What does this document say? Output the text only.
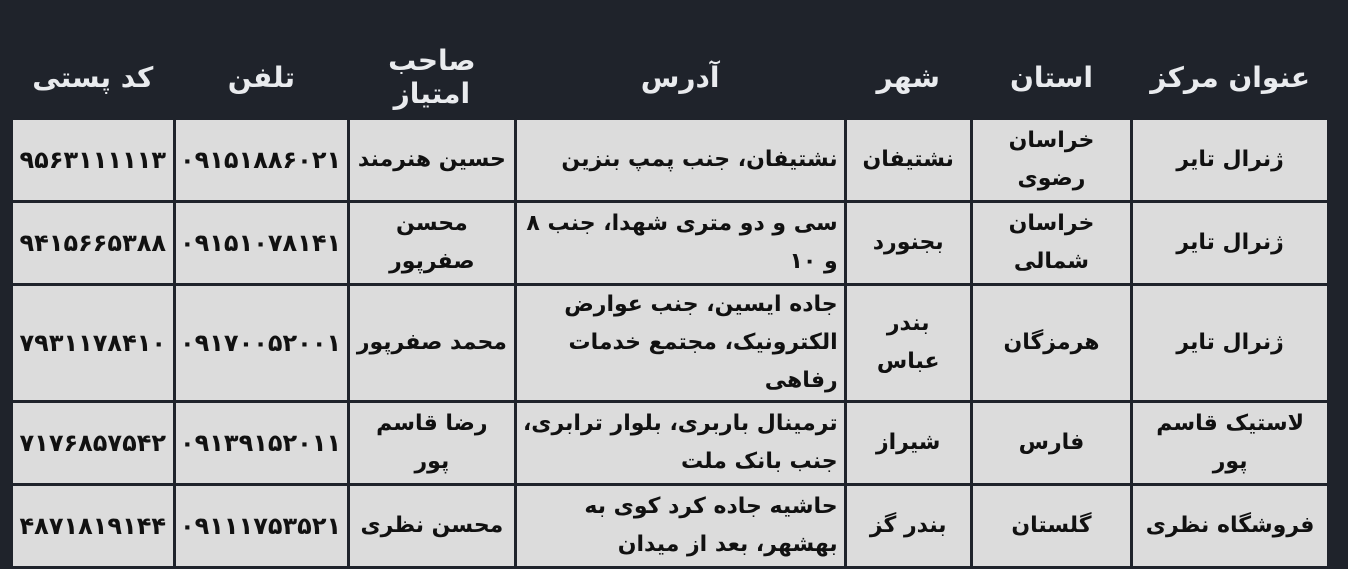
عنوان مرکز	استان	شهر	آدرس	صاحب امتیاز	تلفن	کد پستی
ژنرال تایر	خراسان رضوی	نشتیفان	نشتیفان، جنب پمپ بنزین	حسین هنرمند	۰۹۱۵۱۸۸۶۰۲۱	۹۵۶۳۱۱۱۱۱۳
ژنرال تایر	خراسان شمالی	بجنورد	سی و دو متری شهدا، جنب ۸ و ۱۰	محسن صفرپور	۰۹۱۵۱۰۷۸۱۴۱	۹۴۱۵۶۶۵۳۸۸
ژنرال تایر	هرمزگان	بندر عباس	جاده ایسین، جنب عوارض الکترونیک، مجتمع خدمات رفاهی	محمد صفرپور	۰۹۱۷۰۰۵۲۰۰۱	۷۹۳۱۱۷۸۴۱۰
لاستیک قاسم پور	فارس	شیراز	ترمینال باربری، بلوار ترابری، جنب بانک ملت	رضا قاسم پور	۰۹۱۳۹۱۵۲۰۱۱	۷۱۷۶۸۵۷۵۴۲
فروشگاه نظری	گلستان	بندر گز	حاشیه جاده کرد کوی به بهشهر، بعد از میدان	محسن نظری	۰۹۱۱۱۷۵۳۵۲۱	۴۸۷۱۸۱۹۱۴۴
